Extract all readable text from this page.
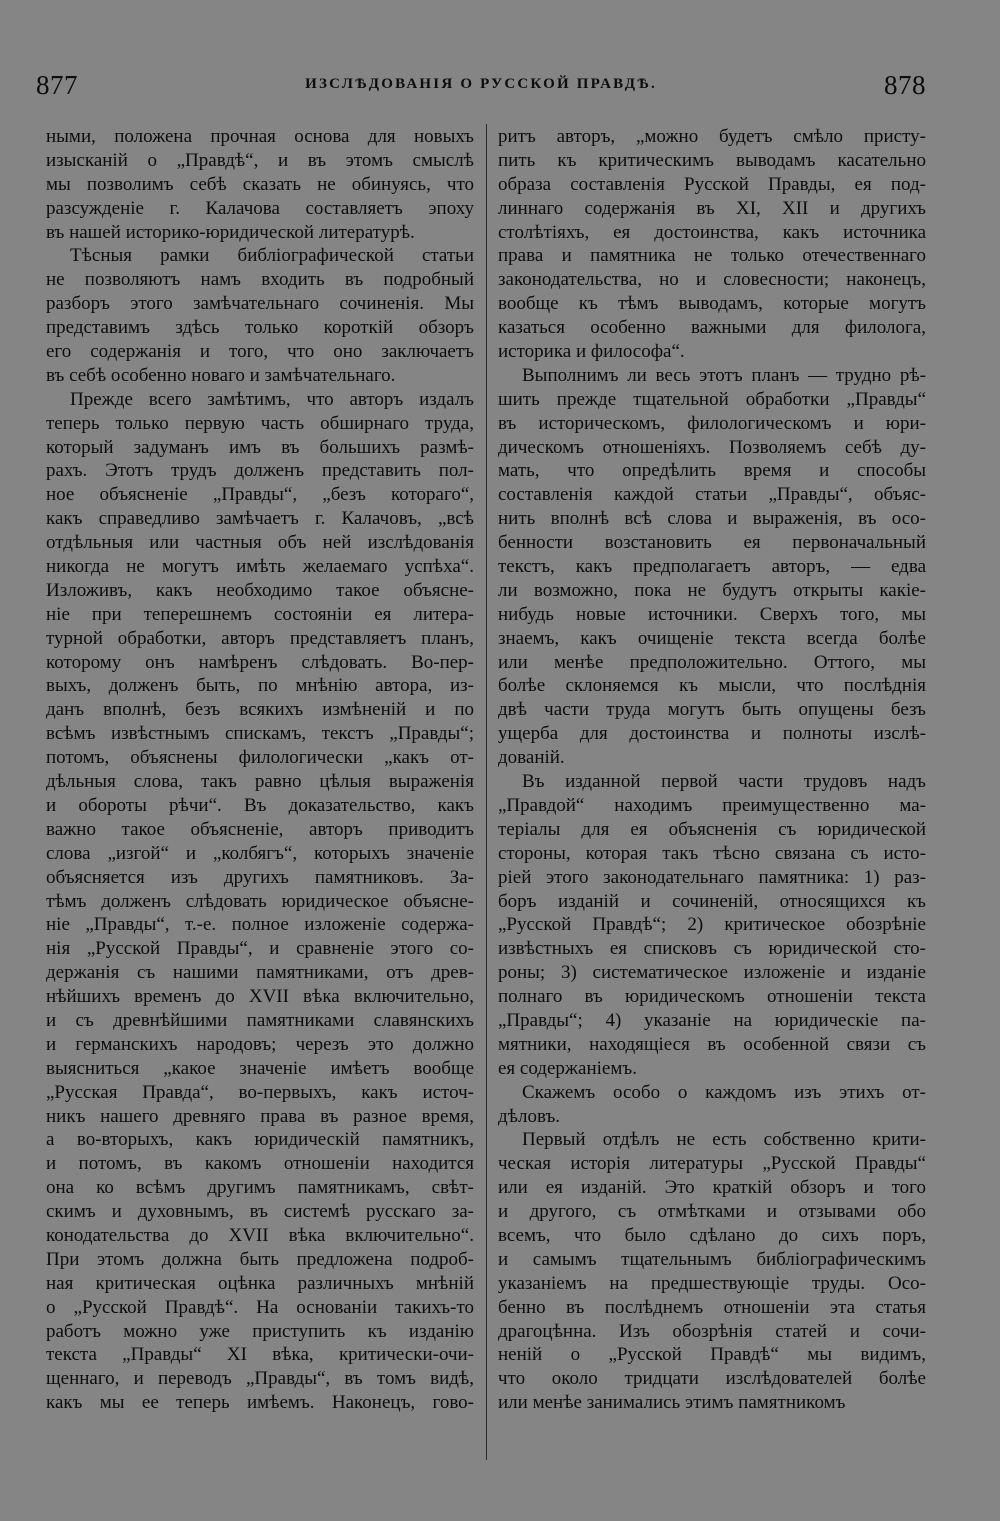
877	ИЗСЛѢДОВАНІЯ О РУССКОЙ ПРАВДѢ.	878
ными, положена прочная основа для новыхъ
изысканій о „Правдѣ“, и въ этомъ смыслѣ
мы позволимъ себѣ сказать не обинуясь, что
разсужденіе г. Калачова составляетъ эпоху
въ нашей историко-юридической литературѣ.
Тѣсныя рамки библіографической статьи
не позволяютъ намъ входить въ подробный
разборъ этого замѣчательнаго сочиненія. Мы
представимъ здѣсь только короткій обзоръ
его содержанія и того, что оно заключаетъ
въ себѣ особенно новаго и замѣчательнаго.
Прежде всего замѣтимъ, что авторъ издалъ
теперь только первую часть обширнаго труда,
который задуманъ имъ въ большихъ размѣ-
рахъ. Этотъ трудъ долженъ представить пол-
ное объясненіе „Правды“, „безъ котораго“,
какъ справедливо замѣчаетъ г. Калачовъ, „всѣ
отдѣльныя или частныя объ ней изслѣдованія
никогда не могутъ имѣть желаемаго успѣха“.
Изложивъ, какъ необходимо такое объясне-
ніе при теперешнемъ состояніи ея литера-
турной обработки, авторъ представляетъ планъ,
которому онъ намѣренъ слѣдовать. Во-пер-
выхъ, долженъ быть, по мнѣнію автора, из-
данъ вполнѣ, безъ всякихъ измѣненій и по
всѣмъ извѣстнымъ спискамъ, текстъ „Правды“;
потомъ, объяснены филологически „какъ от-
дѣльныя слова, такъ равно цѣлыя выраженія
и обороты рѣчи“. Въ доказательство, какъ
важно такое объясненіе, авторъ приводитъ
слова „изгой“ и „колбягъ“, которыхъ значеніе
объясняется изъ другихъ памятниковъ. За-
тѣмъ долженъ слѣдовать юридическое объясне-
ніе „Правды“, т.-е. полное изложеніе содержа-
нія „Русской Правды“, и сравненіе этого со-
держанія съ нашими памятниками, отъ древ-
нѣйшихъ временъ до XVII вѣка включительно,
и съ древнѣйшими памятниками славянскихъ
и германскихъ народовъ; черезъ это должно
выясниться „какое значеніе имѣетъ вообще
„Русская Правда“, во-первыхъ, какъ источ-
никъ нашего древняго права въ разное время,
а во-вторыхъ, какъ юридическій памятникъ,
и потомъ, въ какомъ отношеніи находится
она ко всѣмъ другимъ памятникамъ, свѣт-
скимъ и духовнымъ, въ системѣ русскаго за-
конодательства до XVII вѣка включительно“.
При этомъ должна быть предложена подроб-
ная критическая оцѣнка различныхъ мнѣній
о „Русской Правдѣ“. На основаніи такихъ-то
работъ можно уже приступить къ изданію
текста „Правды“ XI вѣка, критически-очи-
щеннаго, и переводъ „Правды“, въ томъ видѣ,
какъ мы ее теперь имѣемъ. Наконецъ, гово-
ритъ авторъ, „можно будетъ смѣло присту-
пить къ критическимъ выводамъ касательно
образа составленія Русской Правды, ея под-
линнаго содержанія въ XI, XII и другихъ
столѣтіяхъ, ея достоинства, какъ источника
права и памятника не только отечественнаго
законодательства, но и словесности; наконецъ,
вообще къ тѣмъ выводамъ, которые могутъ
казаться особенно важными для филолога,
историка и философа“.
Выполнимъ ли весь этотъ планъ — трудно рѣ-
шить прежде тщательной обработки „Правды“
въ историческомъ, филологическомъ и юри-
дическомъ отношеніяхъ. Позволяемъ себѣ ду-
мать, что опредѣлить время и способы
составленія каждой статьи „Правды“, объяс-
нить вполнѣ всѣ слова и выраженія, въ осо-
бенности возстановить ея первоначальный
текстъ, какъ предполагаетъ авторъ, — едва
ли возможно, пока не будутъ открыты какіе-
нибудь новые источники. Сверхъ того, мы
знаемъ, какъ очищеніе текста всегда болѣе
или менѣе предположительно. Оттого, мы
болѣе склоняемся къ мысли, что послѣднія
двѣ части труда могутъ быть опущены безъ
ущерба для достоинства и полноты изслѣ-
дованій.
Въ изданной первой части трудовъ надъ
„Правдой“ находимъ преимущественно ма-
теріалы для ея объясненія съ юридической
стороны, которая такъ тѣсно связана съ исто-
ріей этого законодательнаго памятника: 1) раз-
боръ изданій и сочиненій, относящихся къ
„Русской Правдѣ“; 2) критическое обозрѣніе
извѣстныхъ ея списковъ съ юридической сто-
роны; 3) систематическое изложеніе и изданіе
полнаго въ юридическомъ отношеніи текста
„Правды“; 4) указаніе на юридическіе па-
мятники, находящіеся въ особенной связи съ
ея содержаніемъ.
Скажемъ особо о каждомъ изъ этихъ от-
дѣловъ.
Первый отдѣлъ не есть собственно крити-
ческая исторія литературы „Русской Правды“
или ея изданій. Это краткій обзоръ и того
и другого, съ отмѣтками и отзывами обо
всемъ, что было сдѣлано до сихъ поръ,
и самымъ тщательнымъ библіографическимъ
указаніемъ на предшествующіе труды. Осо-
бенно въ послѣднемъ отношеніи эта статья
драгоцѣнна. Изъ обозрѣнія статей и сочи-
неній о „Русской Правдѣ“ мы видимъ,
что около тридцати изслѣдователей болѣе
или менѣе занимались этимъ памятникомъ
